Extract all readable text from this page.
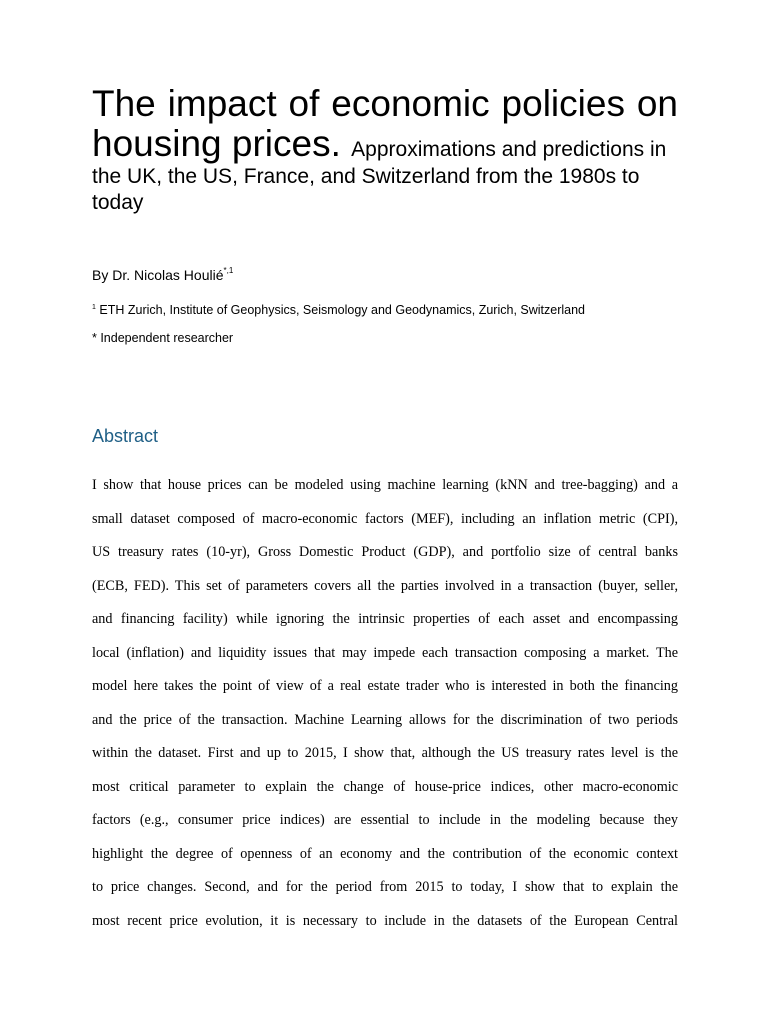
The impact of economic policies on
housing prices. Approximations and predictions in
the UK, the US, France, and Switzerland from the 1980s to
today
By Dr. Nicolas Houlié$^{*,1}$
$^1$ ETH Zurich, Institute of Geophysics, Seismology and Geodynamics, Zurich, Switzerland
* Independent researcher
Abstract
I show that house prices can be modeled using machine learning (kNN and tree-bagging) and a
small dataset composed of macro-economic factors (MEF), including an inflation metric (CPI),
US treasury rates (10-yr), Gross Domestic Product (GDP), and portfolio size of central banks
(ECB, FED). This set of parameters covers all the parties involved in a transaction (buyer, seller,
and financing facility) while ignoring the intrinsic properties of each asset and encompassing
local (inflation) and liquidity issues that may impede each transaction composing a market. The
model here takes the point of view of a real estate trader who is interested in both the financing
and the price of the transaction. Machine Learning allows for the discrimination of two periods
within the dataset. First and up to 2015, I show that, although the US treasury rates level is the
most critical parameter to explain the change of house-price indices, other macro-economic
factors (e.g., consumer price indices) are essential to include in the modeling because they
highlight the degree of openness of an economy and the contribution of the economic context
to price changes. Second, and for the period from 2015 to today, I show that to explain the
most recent price evolution, it is necessary to include in the datasets of the European Central
